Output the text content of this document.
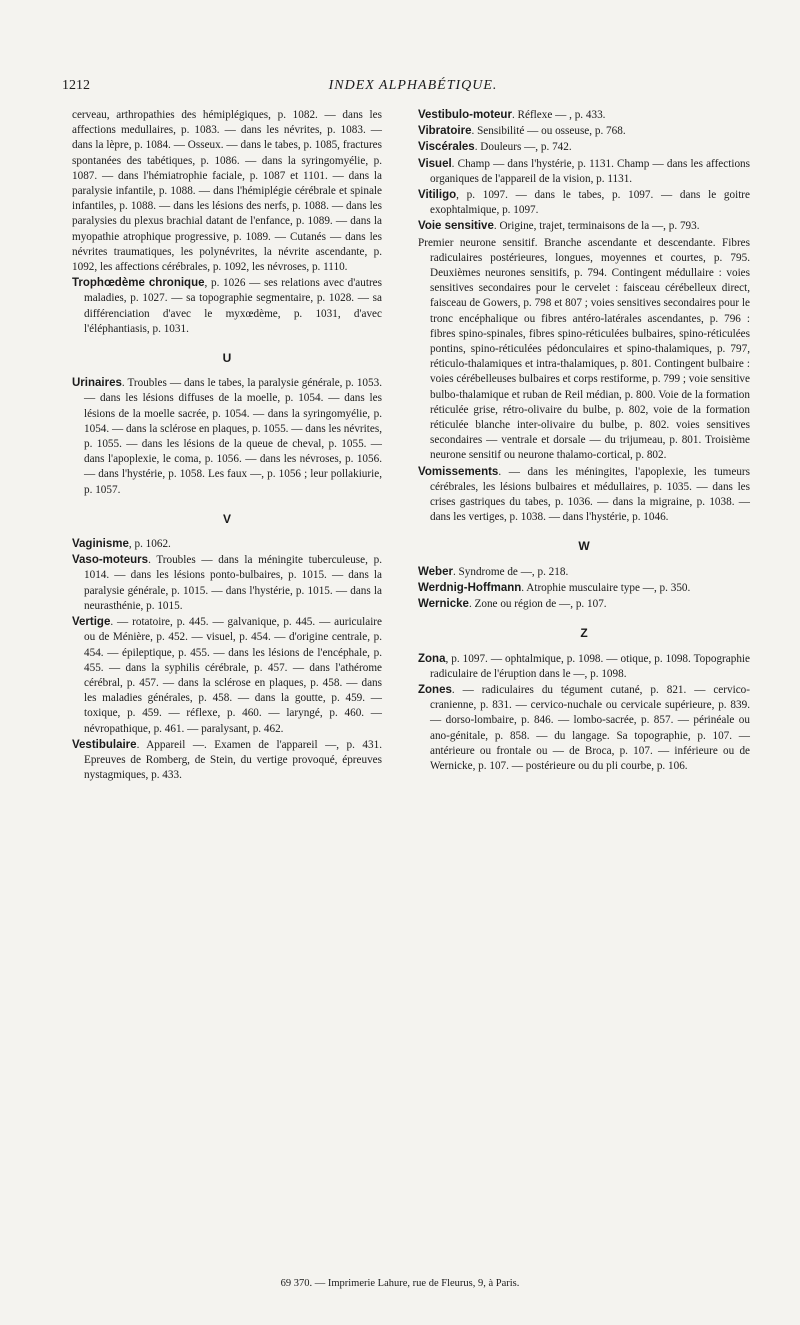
1212	INDEX ALPHABÉTIQUE.

cerveau, arthropathies des hémiplégiques, p. 1082. — dans les affections medullaires, p. 1083. — dans les névrites, p. 1083. — dans la lèpre, p. 1084. — Osseux. — dans le tabes, p. 1085, fractures spontanées des tabétiques, p. 1086. — dans la syringomyélie, p. 1087. — dans l'hémiatrophie faciale, p. 1087 et 1101. — dans la paralysie infantile, p. 1088. — dans l'hémiplégie cérébrale et spinale infantiles, p. 1088. — dans les lésions des nerfs, p. 1088. — dans les paralysies du plexus brachial datant de l'enfance, p. 1089. — dans la myopathie atrophique progressive, p. 1089. — Cutanés — dans les névrites traumatiques, les polynévrites, la névrite ascendante, p. 1092, les affections cérébrales, p. 1092, les névroses, p. 1110.

Trophœdème chronique, p. 1026 — ses relations avec d'autres maladies, p. 1027. — sa topographie segmentaire, p. 1028. — sa différenciation d'avec le myxœdème, p. 1031, d'avec l'éléphantiasis, p. 1031.

U

Urinaires. Troubles — dans le tabes, la paralysie générale, p. 1053. — dans les lésions diffuses de la moelle, p. 1054. — dans les lésions de la moelle sacrée, p. 1054. — dans la syringomyélie, p. 1054. — dans la sclérose en plaques, p. 1055. — dans les névrites, p. 1055. — dans les lésions de la queue de cheval, p. 1055. — dans l'apoplexie, le coma, p. 1056. — dans les névroses, p. 1056. — dans l'hystérie, p. 1058. Les faux —, p. 1056 ; leur pollakiurie, p. 1057.

V

Vaginisme, p. 1062.

Vaso-moteurs. Troubles — dans la méningite tuberculeuse, p. 1014. — dans les lésions ponto-bulbaires, p. 1015. — dans la paralysie générale, p. 1015. — dans l'hystérie, p. 1015. — dans la neurasthénie, p. 1015.

Vertige. — rotatoire, p. 445. — galvanique, p. 445. — auriculaire ou de Ménière, p. 452. — visuel, p. 454. — d'origine centrale, p. 454. — épileptique, p. 455. — dans les lésions de l'encéphale, p. 455. — dans la syphilis cérébrale, p. 457. — dans l'athérome cérébral, p. 457. — dans la sclérose en plaques, p. 458. — dans les maladies générales, p. 458. — dans la goutte, p. 459. — toxique, p. 459. — réflexe, p. 460. — laryngé, p. 460. — névropathique, p. 461. — paralysant, p. 462.

Vestibulaire. Appareil —. Examen de l'appareil —, p. 431. Epreuves de Romberg, de Stein, du vertige provoqué, épreuves nystagmiques, p. 433.

Vestibulo-moteur. Réflexe — , p. 433.

Vibratoire. Sensibilité — ou osseuse, p. 768.

Viscérales. Douleurs —, p. 742.

Visuel. Champ — dans l'hystérie, p. 1131. Champ — dans les affections organiques de l'appareil de la vision, p. 1131.

Vitiligo, p. 1097. — dans le tabes, p. 1097. — dans le goitre exophtalmique, p. 1097.

Voie sensitive. Origine, trajet, terminaisons de la —, p. 793.

Premier neurone sensitif. Branche ascendante et descendante. Fibres radiculaires postérieures, longues, moyennes et courtes, p. 795. Deuxièmes neurones sensitifs, p. 794. Contingent médullaire : voies sensitives secondaires pour le cervelet : faisceau cérébelleux direct, faisceau de Gowers, p. 798 et 807 ; voies sensitives secondaires pour le tronc encéphalique ou fibres antéro-latérales ascendantes, p. 796 : fibres spino-spinales, fibres spino-réticulées bulbaires, spino-réticulées pontins, spino-réticulées pédonculaires et spino-thalamiques, p. 797, réticulo-thalamiques et intra-thalamiques, p. 801. Contingent bulbaire : voies cérébelleuses bulbaires et corps restiforme, p. 799 ; voie sensitive bulbo-thalamique et ruban de Reil médian, p. 800. Voie de la formation réticulée grise, rétro-olivaire du bulbe, p. 802, voie de la formation réticulée blanche inter-olivaire du bulbe, p. 802. voies sensitives secondaires — ventrale et dorsale — du trijumeau, p. 801. Troisième neurone sensitif ou neurone thalamo-cortical, p. 802.

Vomissements. — dans les méningites, l'apoplexie, les tumeurs cérébrales, les lésions bulbaires et médullaires, p. 1035. — dans les crises gastriques du tabes, p. 1036. — dans la migraine, p. 1038. — dans les vertiges, p. 1038. — dans l'hystérie, p. 1046.

W

Weber. Syndrome de —, p. 218.

Werdnig-Hoffmann. Atrophie musculaire type —, p. 350.

Wernicke. Zone ou région de —, p. 107.

Z

Zona, p. 1097. — ophtalmique, p. 1098. — otique, p. 1098. Topographie radiculaire de l'éruption dans le —, p. 1098.

Zones. — radiculaires du tégument cutané, p. 821. — cervico-cranienne, p. 831. — cervico-nuchale ou cervicale supérieure, p. 839. — dorso-lombaire, p. 846. — lombo-sacrée, p. 857. — périnéale ou ano-génitale, p. 858. — du langage. Sa topographie, p. 107. — antérieure ou frontale ou — de Broca, p. 107. — inférieure ou de Wernicke, p. 107. — postérieure ou du pli courbe, p. 106.

69 370. — Imprimerie Lahure, rue de Fleurus, 9, à Paris.
